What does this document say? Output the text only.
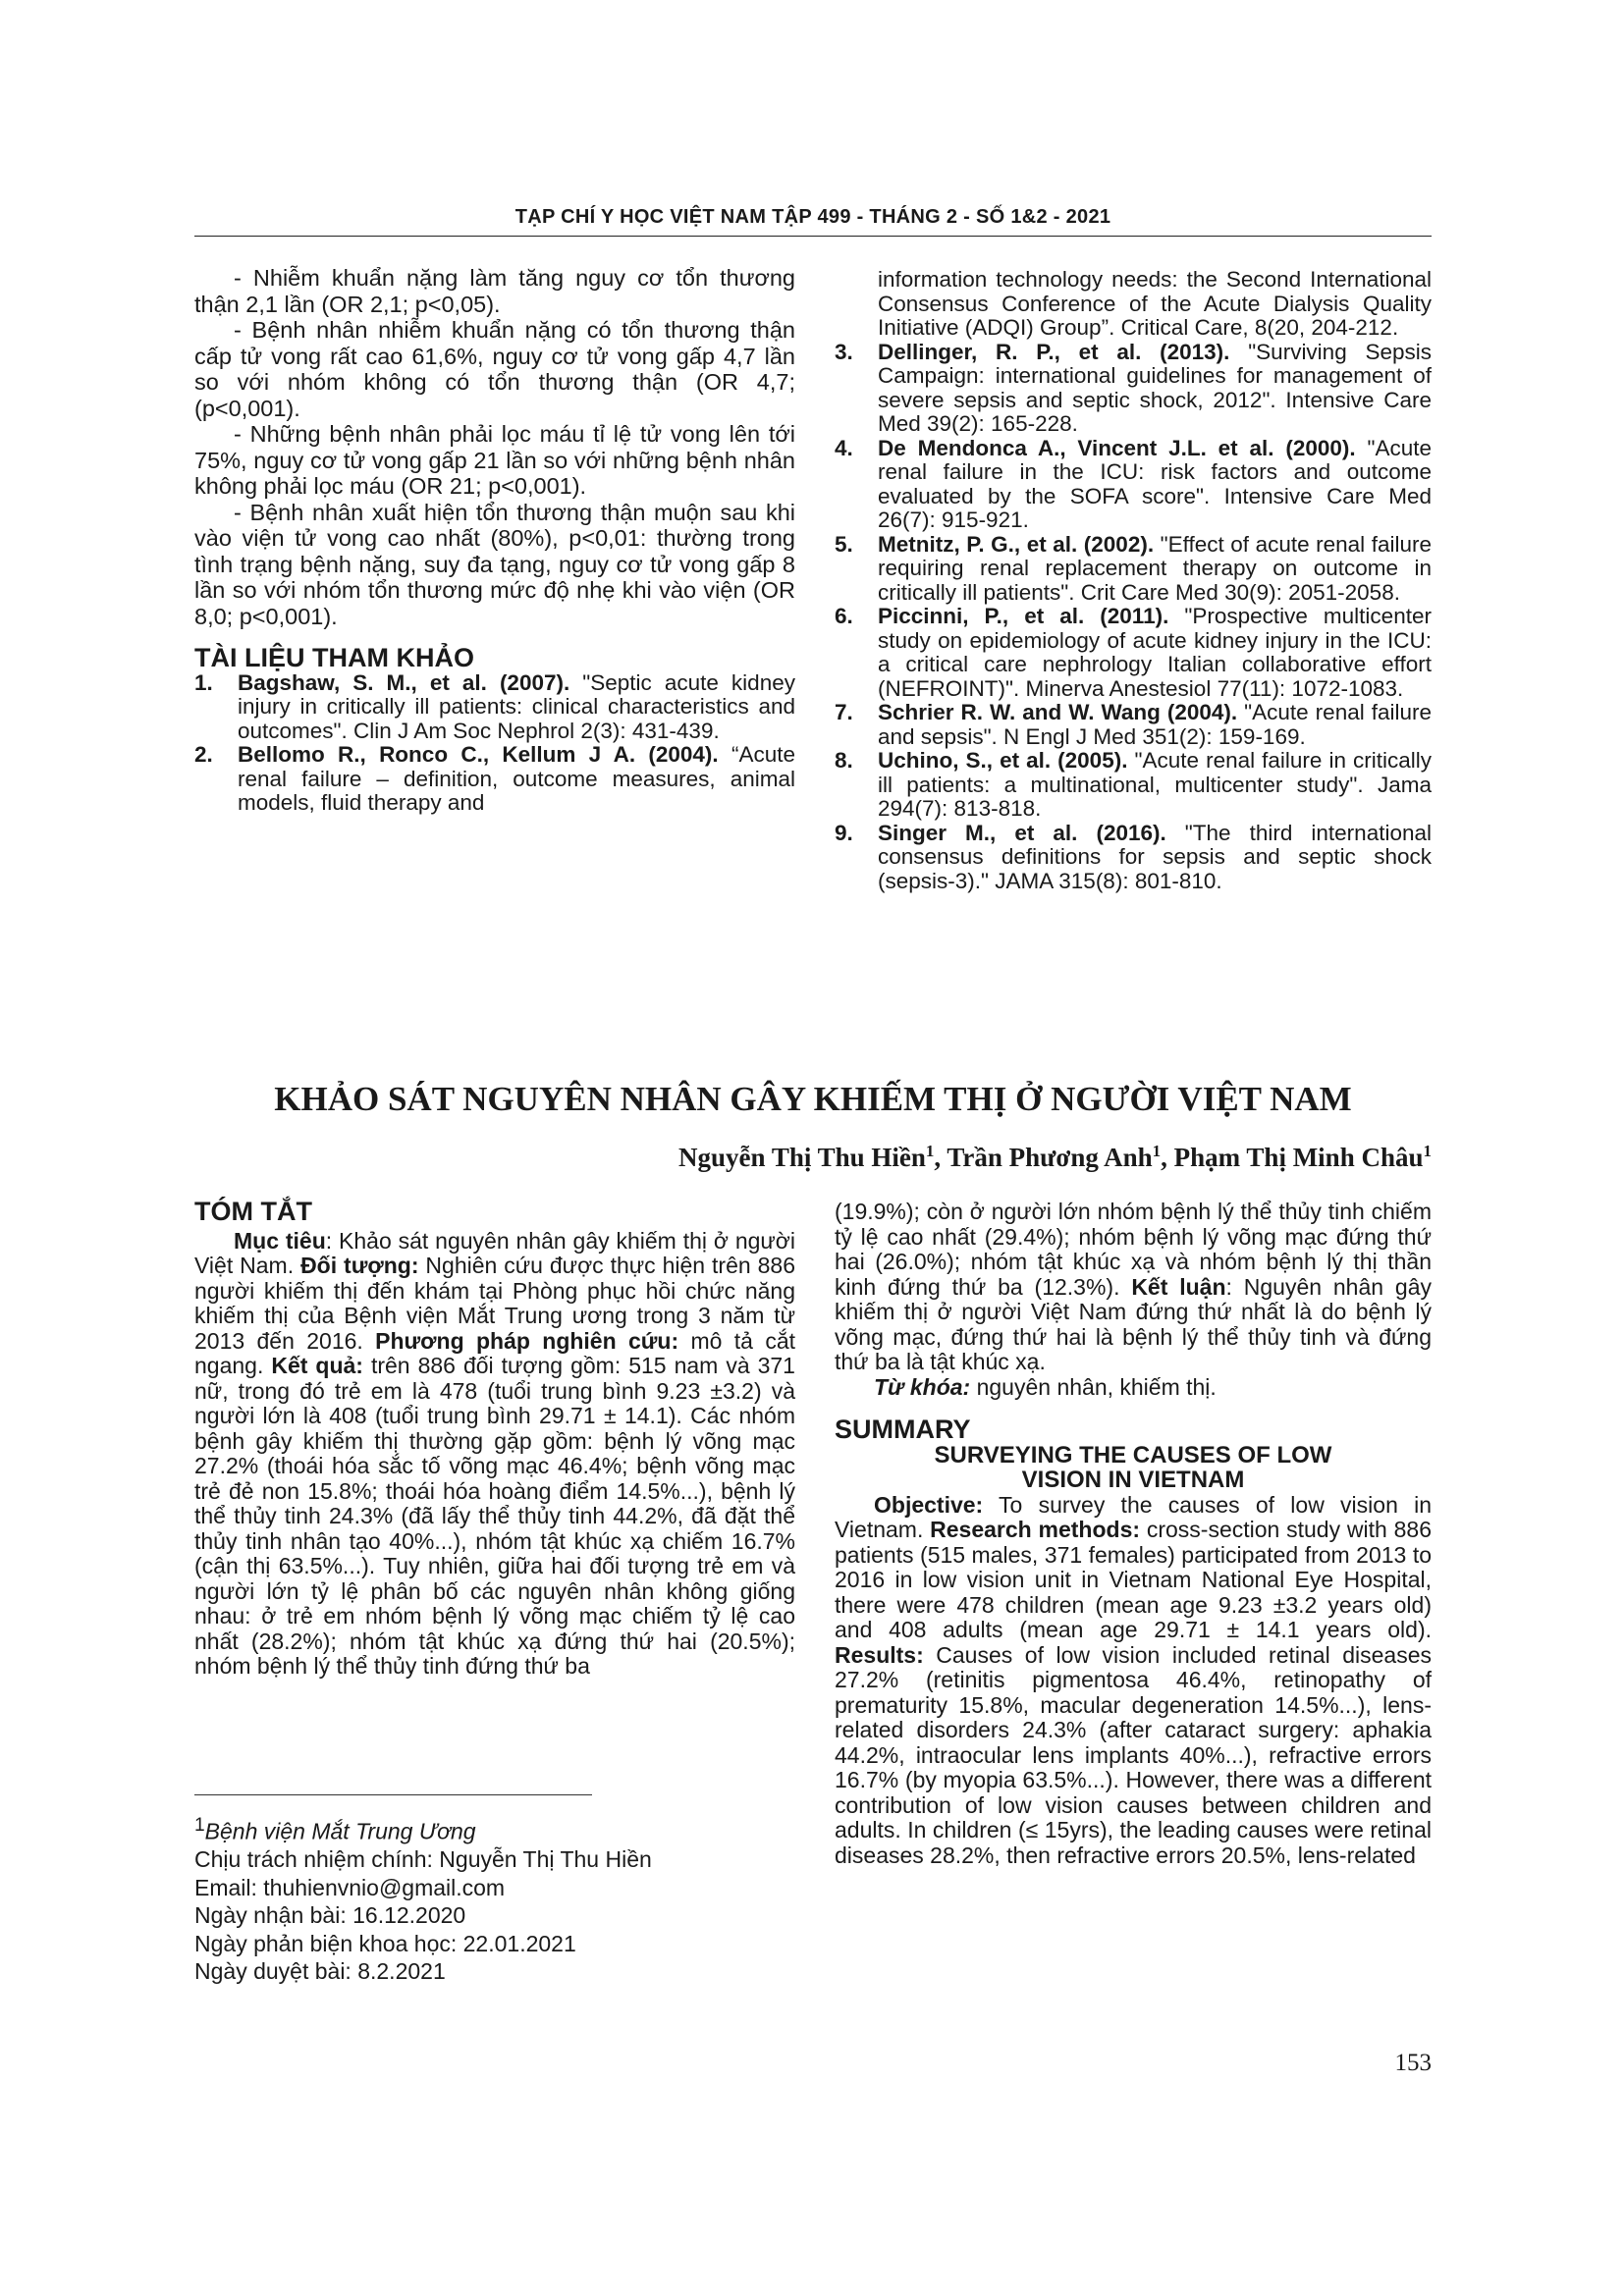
TẠP CHÍ Y HỌC VIỆT NAM TẬP 499 - THÁNG 2 - SỐ 1&2 - 2021

- Nhiễm khuẩn nặng làm tăng nguy cơ tổn thương thận 2,1 lần (OR 2,1; p<0,05).

- Bệnh nhân nhiễm khuẩn nặng có tổn thương thận cấp tử vong rất cao 61,6%, nguy cơ tử vong gấp 4,7 lần so với nhóm không có tổn thương thận (OR 4,7; (p<0,001).

- Những bệnh nhân phải lọc máu tỉ lệ tử vong lên tới 75%, nguy cơ tử vong gấp 21 lần so với những bệnh nhân không phải lọc máu (OR 21; p<0,001).

- Bệnh nhân xuất hiện tổn thương thận muộn sau khi vào viện tử vong cao nhất (80%), p<0,01: thường trong tình trạng bệnh nặng, suy đa tạng, nguy cơ tử vong gấp 8 lần so với nhóm tổn thương mức độ nhẹ khi vào viện (OR 8,0; p<0,001).

TÀI LIỆU THAM KHẢO

1. Bagshaw, S. M., et al. (2007). "Septic acute kidney injury in critically ill patients: clinical characteristics and outcomes". Clin J Am Soc Nephrol 2(3): 431-439.

2. Bellomo R., Ronco C., Kellum J A. (2004). “Acute renal failure – definition, outcome measures, animal models, fluid therapy and

information technology needs: the Second International Consensus Conference of the Acute Dialysis Quality Initiative (ADQI) Group”. Critical Care, 8(20, 204-212.

3. Dellinger, R. P., et al. (2013). "Surviving Sepsis Campaign: international guidelines for management of severe sepsis and septic shock, 2012". Intensive Care Med 39(2): 165-228.

4. De Mendonca A., Vincent J.L. et al. (2000). "Acute renal failure in the ICU: risk factors and outcome evaluated by the SOFA score". Intensive Care Med 26(7): 915-921.

5. Metnitz, P. G., et al. (2002). "Effect of acute renal failure requiring renal replacement therapy on outcome in critically ill patients". Crit Care Med 30(9): 2051-2058.

6. Piccinni, P., et al. (2011). "Prospective multicenter study on epidemiology of acute kidney injury in the ICU: a critical care nephrology Italian collaborative effort (NEFROINT)". Minerva Anestesiol 77(11): 1072-1083.

7. Schrier R. W. and W. Wang (2004). "Acute renal failure and sepsis". N Engl J Med 351(2): 159-169.

8. Uchino, S., et al. (2005). "Acute renal failure in critically ill patients: a multinational, multicenter study". Jama 294(7): 813-818.

9. Singer M., et al. (2016). "The third international consensus definitions for sepsis and septic shock (sepsis-3)." JAMA 315(8): 801-810.

KHẢO SÁT NGUYÊN NHÂN GÂY KHIẾM THỊ Ở NGƯỜI VIỆT NAM
Nguyễn Thị Thu Hiền$^1$, Trần Phương Anh$^1$, Phạm Thị Minh Châu$^1$

TÓM TẮT

Mục tiêu: Khảo sát nguyên nhân gây khiếm thị ở người Việt Nam. Đối tượng: Nghiên cứu được thực hiện trên 886 người khiếm thị đến khám tại Phòng phục hồi chức năng khiếm thị của Bệnh viện Mắt Trung ương trong 3 năm từ 2013 đến 2016. Phương pháp nghiên cứu: mô tả cắt ngang. Kết quả: trên 886 đối tượng gồm: 515 nam và 371 nữ, trong đó trẻ em là 478 (tuổi trung bình 9.23 ±3.2) và người lớn là 408 (tuổi trung bình 29.71 ± 14.1). Các nhóm bệnh gây khiếm thị thường gặp gồm: bệnh lý võng mạc 27.2% (thoái hóa sắc tố võng mạc 46.4%; bệnh võng mạc trẻ đẻ non 15.8%; thoái hóa hoàng điểm 14.5%...), bệnh lý thể thủy tinh 24.3% (đã lấy thể thủy tinh 44.2%, đã đặt thể thủy tinh nhân tạo 40%...), nhóm tật khúc xạ chiếm 16.7% (cận thị 63.5%...). Tuy nhiên, giữa hai đối tượng trẻ em và người lớn tỷ lệ phân bố các nguyên nhân không giống nhau: ở trẻ em nhóm bệnh lý võng mạc chiếm tỷ lệ cao nhất (28.2%); nhóm tật khúc xạ đứng thứ hai (20.5%); nhóm bệnh lý thể thủy tinh đứng thứ ba

$^1$Bệnh viện Mắt Trung Ương

Chịu trách nhiệm chính: Nguyễn Thị Thu Hiền

Email: thuhienvnio@gmail.com

Ngày nhận bài: 16.12.2020

Ngày phản biện khoa học: 22.01.2021

Ngày duyệt bài: 8.2.2021

(19.9%); còn ở người lớn nhóm bệnh lý thể thủy tinh chiếm tỷ lệ cao nhất (29.4%); nhóm bệnh lý võng mạc đứng thứ hai (26.0%); nhóm tật khúc xạ và nhóm bệnh lý thị thần kinh đứng thứ ba (12.3%). Kết luận: Nguyên nhân gây khiếm thị ở người Việt Nam đứng thứ nhất là do bệnh lý võng mạc, đứng thứ hai là bệnh lý thể thủy tinh và đứng thứ ba là tật khúc xạ.

Từ khóa: nguyên nhân, khiếm thị.

SUMMARY

SURVEYING THE CAUSES OF LOW VISION IN VIETNAM

Objective: To survey the causes of low vision in Vietnam. Research methods: cross-section study with 886 patients (515 males, 371 females) participated from 2013 to 2016 in low vision unit in Vietnam National Eye Hospital, there were 478 children (mean age 9.23 ±3.2 years old) and 408 adults (mean age 29.71 ± 14.1 years old). Results: Causes of low vision included retinal diseases 27.2% (retinitis pigmentosa 46.4%, retinopathy of prematurity 15.8%, macular degeneration 14.5%...), lens-related disorders 24.3% (after cataract surgery: aphakia 44.2%, intraocular lens implants 40%...), refractive errors 16.7% (by myopia 63.5%...). However, there was a different contribution of low vision causes between children and adults. In children (≤ 15yrs), the leading causes were retinal diseases 28.2%, then refractive errors 20.5%, lens-related

153
